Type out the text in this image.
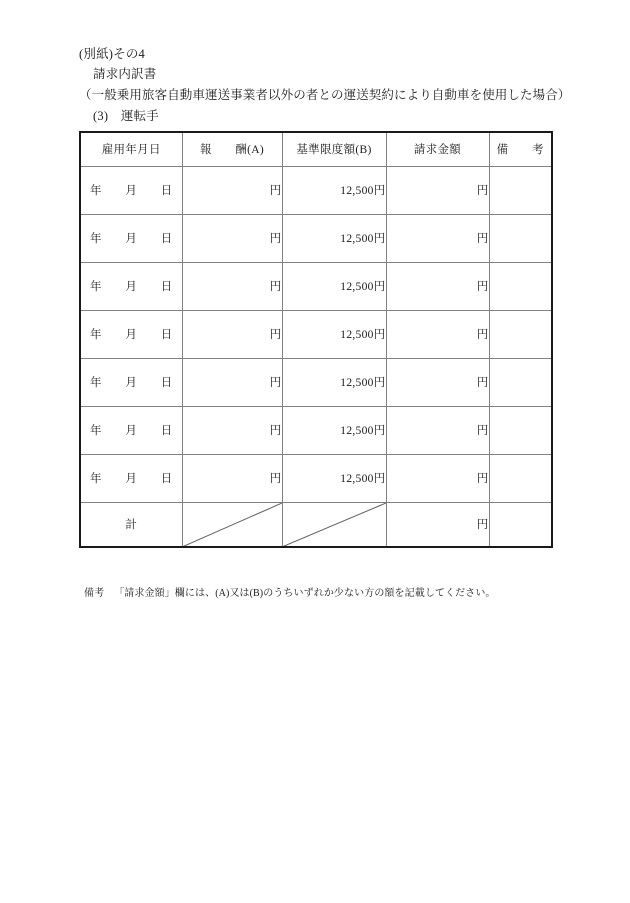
(別紙)その4
請求内訳書
（一般乗用旅客自動車運送事業者以外の者との運送契約により自動車を使用した場合）
(3)　運転手
雇用年月日	報　　酬(A)	基準限度額(B)	請求金額	備　　考
年　　月　　日	円	12,500円	円	
年　　月　　日	円	12,500円	円	
年　　月　　日	円	12,500円	円	
年　　月　　日	円	12,500円	円	
年　　月　　日	円	12,500円	円	
年　　月　　日	円	12,500円	円	
年　　月　　日	円	12,500円	円	
計			円	
備考 「請求金額」欄には、(A)又は(B)のうちいずれか少ない方の額を記載してください。
